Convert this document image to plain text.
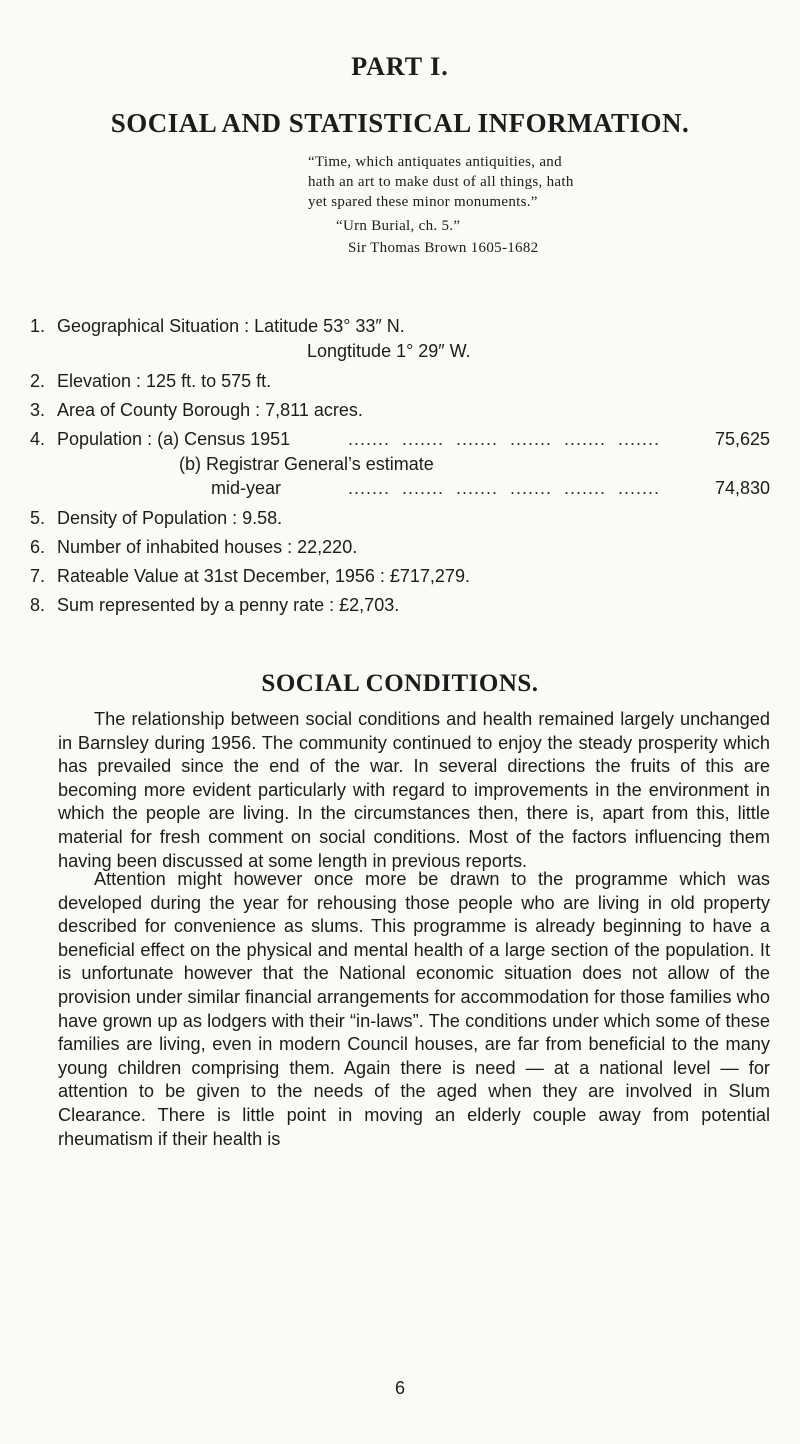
PART I.
SOCIAL AND STATISTICAL INFORMATION.
“Time, which antiquates antiquities, and
hath an art to make dust of all things, hath
yet spared these minor monuments.”
“Urn Burial, ch. 5.”
Sir Thomas Brown 1605-1682
1. Geographical Situation : Latitude 53° 33″ N.
Longtitude 1° 29″ W.
2. Elevation : 125 ft. to 575 ft.
3. Area of County Borough : 7,811 acres.
4. Population : (a) Census 1951	.......  .......  .......  .......  .......  .......	75,625
(b) Registrar General’s estimate
mid-year	.......  .......  .......  .......  .......  .......	74,830
5. Density of Population : 9.58.
6. Number of inhabited houses : 22,220.
7. Rateable Value at 31st December, 1956 : £717,279.
8. Sum represented by a penny rate : £2,703.
SOCIAL CONDITIONS.

The relationship between social conditions and health remained largely unchanged in Barnsley during 1956. The community continued to enjoy the steady prosperity which has prevailed since the end of the war. In several directions the fruits of this are becoming more evident particularly with regard to improvements in the environment in which the people are living. In the circumstances then, there is, apart from this, little material for fresh comment on social conditions. Most of the factors influencing them having been discussed at some length in previous reports.

Attention might however once more be drawn to the programme which was developed during the year for rehousing those people who are living in old property described for convenience as slums. This programme is already beginning to have a beneficial effect on the physical and mental health of a large section of the population. It is unfortunate however that the National economic situation does not allow of the provision under similar financial arrangements for accommodation for those families who have grown up as lodgers with their “in-laws”. The conditions under which some of these families are living, even in modern Council houses, are far from beneficial to the many young children comprising them. Again there is need — at a national level — for attention to be given to the needs of the aged when they are involved in Slum Clearance. There is little point in moving an elderly couple away from potential rheumatism if their health is

6
